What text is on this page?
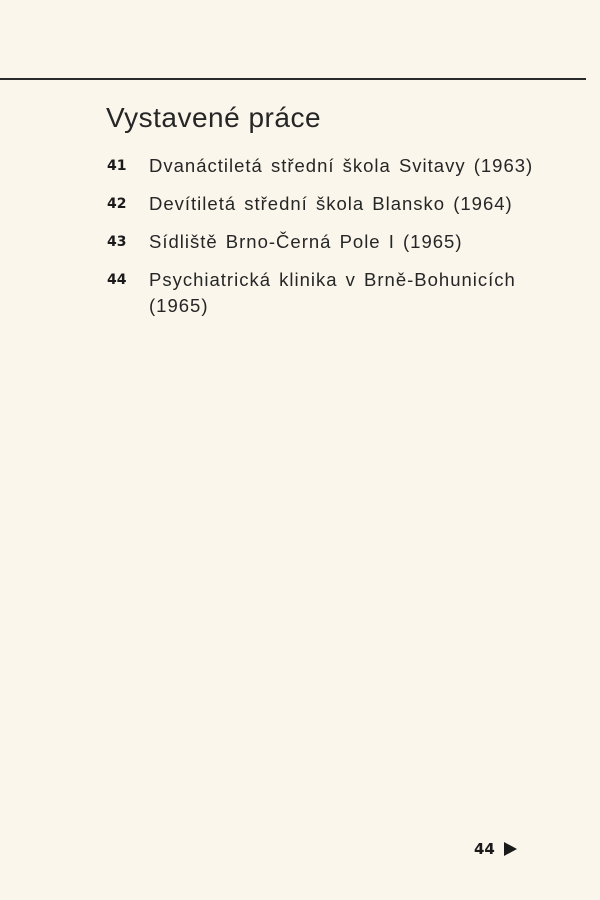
Vystavené práce
41	Dvanáctiletá střední škola Svitavy (1963)
42	Devítiletá střední škola Blansko (1964)
43	Sídliště Brno-Černá Pole I (1965)
44	Psychiatrická klinika v Brně-Bohunicích (1965)
44
